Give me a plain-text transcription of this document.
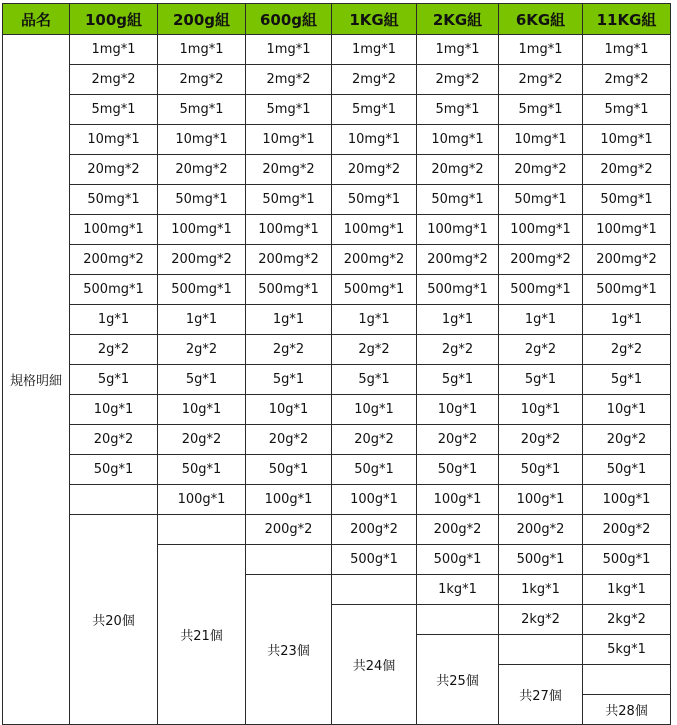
品名	100g組	200g組	600g組	1KG組	2KG組	6KG組	11KG組
規格明細	1mg*1	1mg*1	1mg*1	1mg*1	1mg*1	1mg*1	1mg*1
	2mg*2	2mg*2	2mg*2	2mg*2	2mg*2	2mg*2	2mg*2
	5mg*1	5mg*1	5mg*1	5mg*1	5mg*1	5mg*1	5mg*1
	10mg*1	10mg*1	10mg*1	10mg*1	10mg*1	10mg*1	10mg*1
	20mg*2	20mg*2	20mg*2	20mg*2	20mg*2	20mg*2	20mg*2
	50mg*1	50mg*1	50mg*1	50mg*1	50mg*1	50mg*1	50mg*1
	100mg*1	100mg*1	100mg*1	100mg*1	100mg*1	100mg*1	100mg*1
	200mg*2	200mg*2	200mg*2	200mg*2	200mg*2	200mg*2	200mg*2
	500mg*1	500mg*1	500mg*1	500mg*1	500mg*1	500mg*1	500mg*1
	1g*1	1g*1	1g*1	1g*1	1g*1	1g*1	1g*1
	2g*2	2g*2	2g*2	2g*2	2g*2	2g*2	2g*2
	5g*1	5g*1	5g*1	5g*1	5g*1	5g*1	5g*1
	10g*1	10g*1	10g*1	10g*1	10g*1	10g*1	10g*1
	20g*2	20g*2	20g*2	20g*2	20g*2	20g*2	20g*2
	50g*1	50g*1	50g*1	50g*1	50g*1	50g*1	50g*1
		100g*1	100g*1	100g*1	100g*1	100g*1	100g*1
	共20個		200g*2	200g*2	200g*2	200g*2	200g*2
		共21個		500g*1	500g*1	500g*1	500g*1
			共23個		1kg*1	1kg*1	1kg*1
				共24個		2kg*2	2kg*2
					共25個		5kg*1
						共27個	
							共28個
